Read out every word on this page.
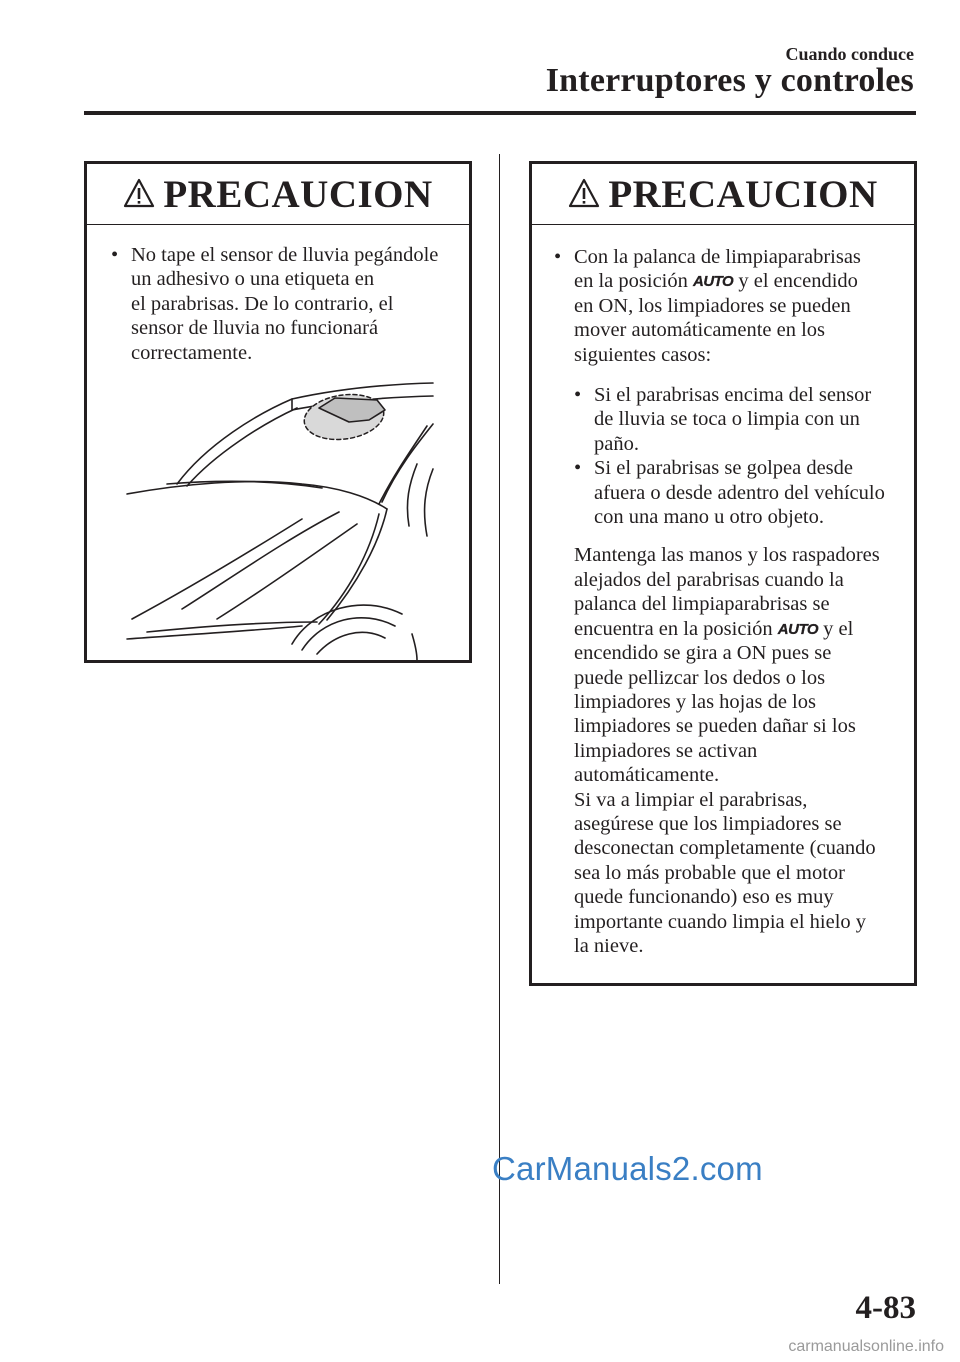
Cuando conduce
Interruptores y controles
PRECAUCION
• No tape el sensor de lluvia pegándole
un adhesivo o una etiqueta en
el parabrisas. De lo contrario, el
sensor de lluvia no funcionará
correctamente.
PRECAUCION
• Con la palanca de limpiaparabrisas
en la posición AUTO y el encendido
en ON, los limpiadores se pueden
mover automáticamente en los
siguientes casos:
• Si el parabrisas encima del sensor
de lluvia se toca o limpia con un
paño.
• Si el parabrisas se golpea desde
afuera o desde adentro del vehículo
con una mano u otro objeto.
Mantenga las manos y los raspadores
alejados del parabrisas cuando la
palanca del limpiaparabrisas se
encuentra en la posición AUTO y el
encendido se gira a ON pues se
puede pellizcar los dedos o los
limpiadores y las hojas de los
limpiadores se pueden dañar si los
limpiadores se activan
automáticamente.
Si va a limpiar el parabrisas,
asegúrese que los limpiadores se
desconectan completamente (cuando
sea lo más probable que el motor
quede funcionando) eso es muy
importante cuando limpia el hielo y
la nieve.
CarManuals2.com
4-83
carmanualsonline.info
